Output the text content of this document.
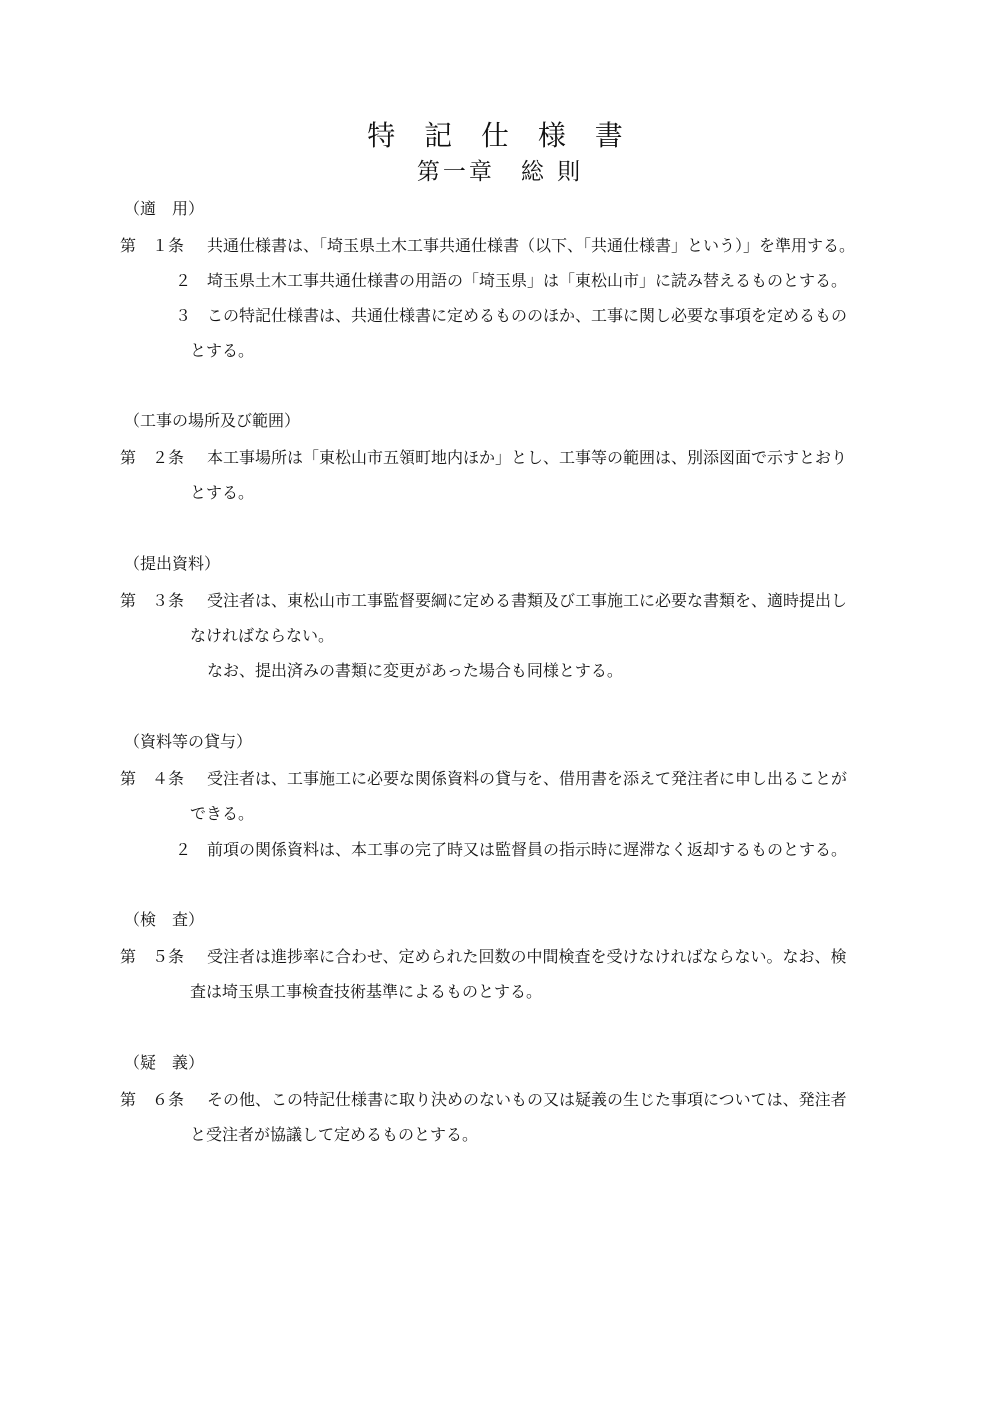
特 記 仕 様 書
第一章　総 則
（適　用）
第　１条 共通仕様書は、「埼玉県土木工事共通仕様書（以下、「共通仕様書」という）」を準用する。
２ 埼玉県土木工事共通仕様書の用語の「埼玉県」は「東松山市」に読み替えるものとする。
３ この特記仕様書は、共通仕様書に定めるもののほか、工事に関し必要な事項を定めるもの
とする。
（工事の場所及び範囲）
第　２条 本工事場所は「東松山市五領町地内ほか」とし、工事等の範囲は、別添図面で示すとおり
とする。
（提出資料）
第　３条 受注者は、東松山市工事監督要綱に定める書類及び工事施工に必要な書類を、適時提出し
なければならない。
なお、提出済みの書類に変更があった場合も同様とする。
（資料等の貸与）
第　４条 受注者は、工事施工に必要な関係資料の貸与を、借用書を添えて発注者に申し出ることが
できる。
２ 前項の関係資料は、本工事の完了時又は監督員の指示時に遅滞なく返却するものとする。
（検　査）
第　５条 受注者は進捗率に合わせ、定められた回数の中間検査を受けなければならない。なお、検
査は埼玉県工事検査技術基準によるものとする。
（疑　義）
第　６条 その他、この特記仕様書に取り決めのないもの又は疑義の生じた事項については、発注者
と受注者が協議して定めるものとする。
